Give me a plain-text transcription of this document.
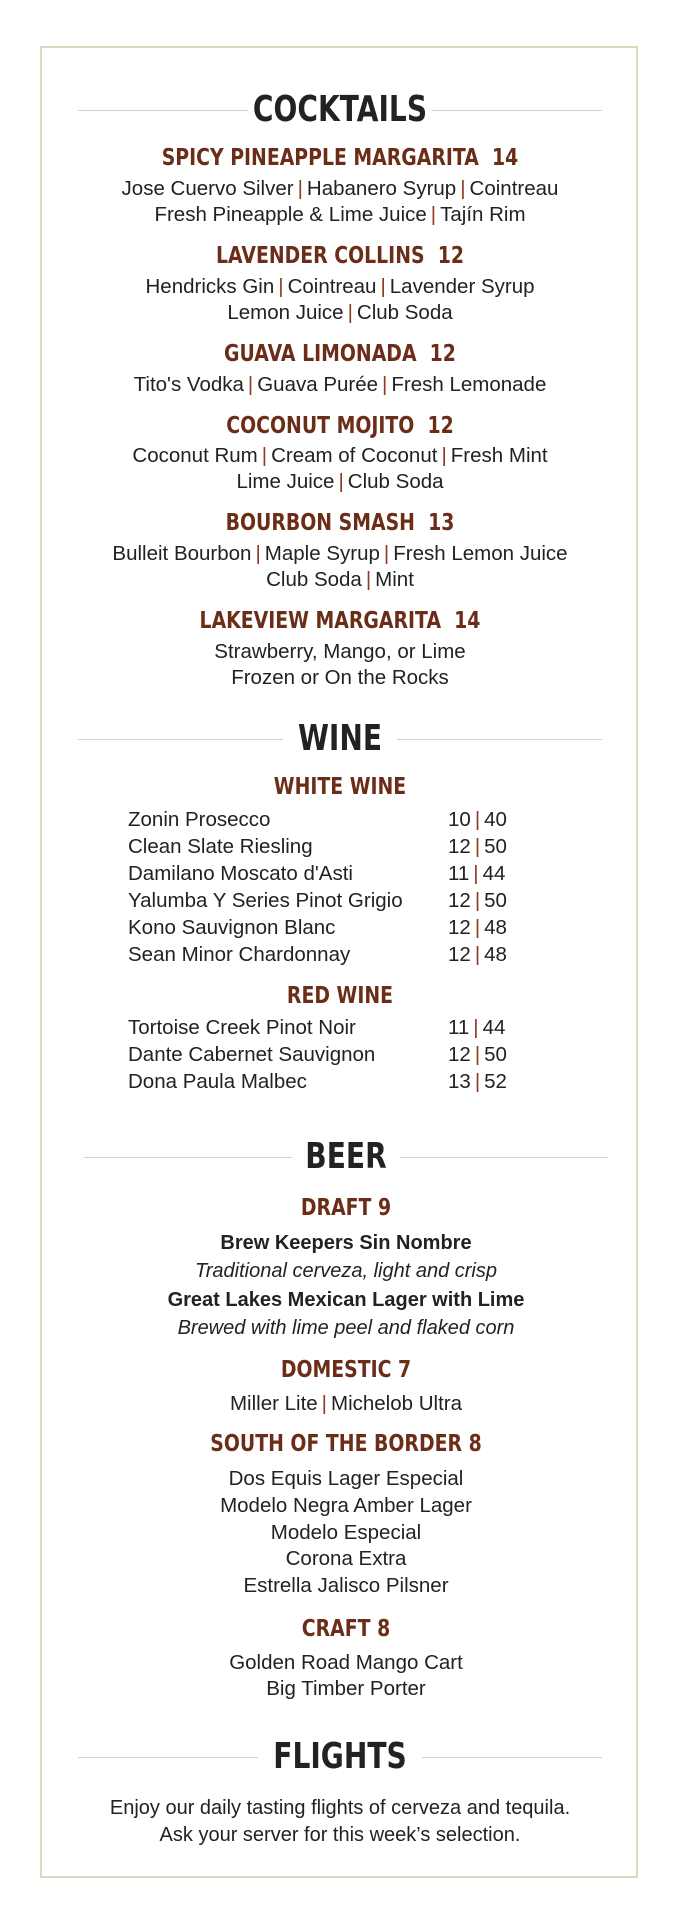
COCKTAILS
SPICY PINEAPPLE MARGARITA 14
Jose Cuervo Silver | Habanero Syrup | Cointreau
Fresh Pineapple & Lime Juice | Tajín Rim
LAVENDER COLLINS 12
Hendricks Gin | Cointreau | Lavender Syrup
Lemon Juice | Club Soda
GUAVA LIMONADA 12
Tito's Vodka | Guava Purée | Fresh Lemonade
COCONUT MOJITO 12
Coconut Rum | Cream of Coconut | Fresh Mint
Lime Juice | Club Soda
BOURBON SMASH 13
Bulleit Bourbon | Maple Syrup | Fresh Lemon Juice
Club Soda | Mint
LAKEVIEW MARGARITA 14
Strawberry, Mango, or Lime
Frozen or On the Rocks
WINE
WHITE WINE
Zonin Prosecco	10 | 40
Clean Slate Riesling	12 | 50
Damilano Moscato d'Asti	11 | 44
Yalumba Y Series Pinot Grigio 12 | 50
Kono Sauvignon Blanc	12 | 48
Sean Minor Chardonnay	12 | 48
RED WINE
Tortoise Creek Pinot Noir	11 | 44
Dante Cabernet Sauvignon	12 | 50
Dona Paula Malbec	13 | 52
BEER
DRAFT 9
Brew Keepers Sin Nombre
Traditional cerveza, light and crisp
Great Lakes Mexican Lager with Lime
Brewed with lime peel and flaked corn
DOMESTIC 7
Miller Lite | Michelob Ultra
SOUTH OF THE BORDER 8
Dos Equis Lager Especial
Modelo Negra Amber Lager
Modelo Especial
Corona Extra
Estrella Jalisco Pilsner
CRAFT 8
Golden Road Mango Cart
Big Timber Porter
FLIGHTS
Enjoy our daily tasting flights of cerveza and tequila.
Ask your server for this week’s selection.
